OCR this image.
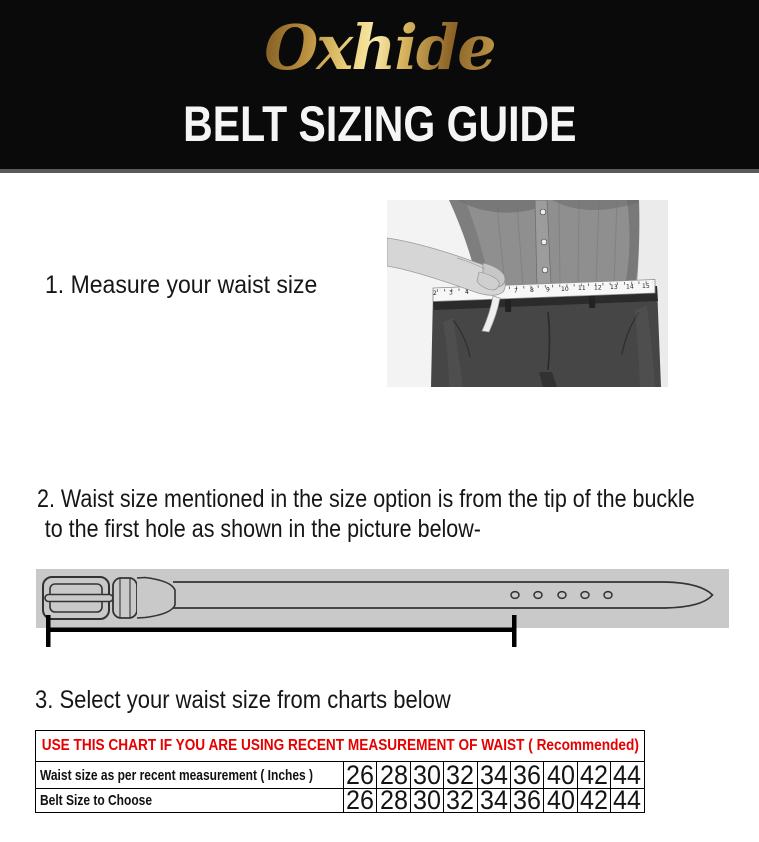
Oxhide
BELT SIZING GUIDE
1. Measure your waist size	2 3 4	7 8 9 10 11 12 13 14 15
2. Waist size mentioned in the size option is from the tip of the buckle
to the first hole as shown in the picture below-
3. Select your waist size from charts below
USE THIS CHART IF YOU ARE USING RECENT MEASUREMENT OF WAIST ( Recommended)
Waist size as per recent measurement ( Inches ) 26 28 30 32 34 36 40 42 44
Belt Size to Choose	26 28 30 32 34 36 40 42 44
